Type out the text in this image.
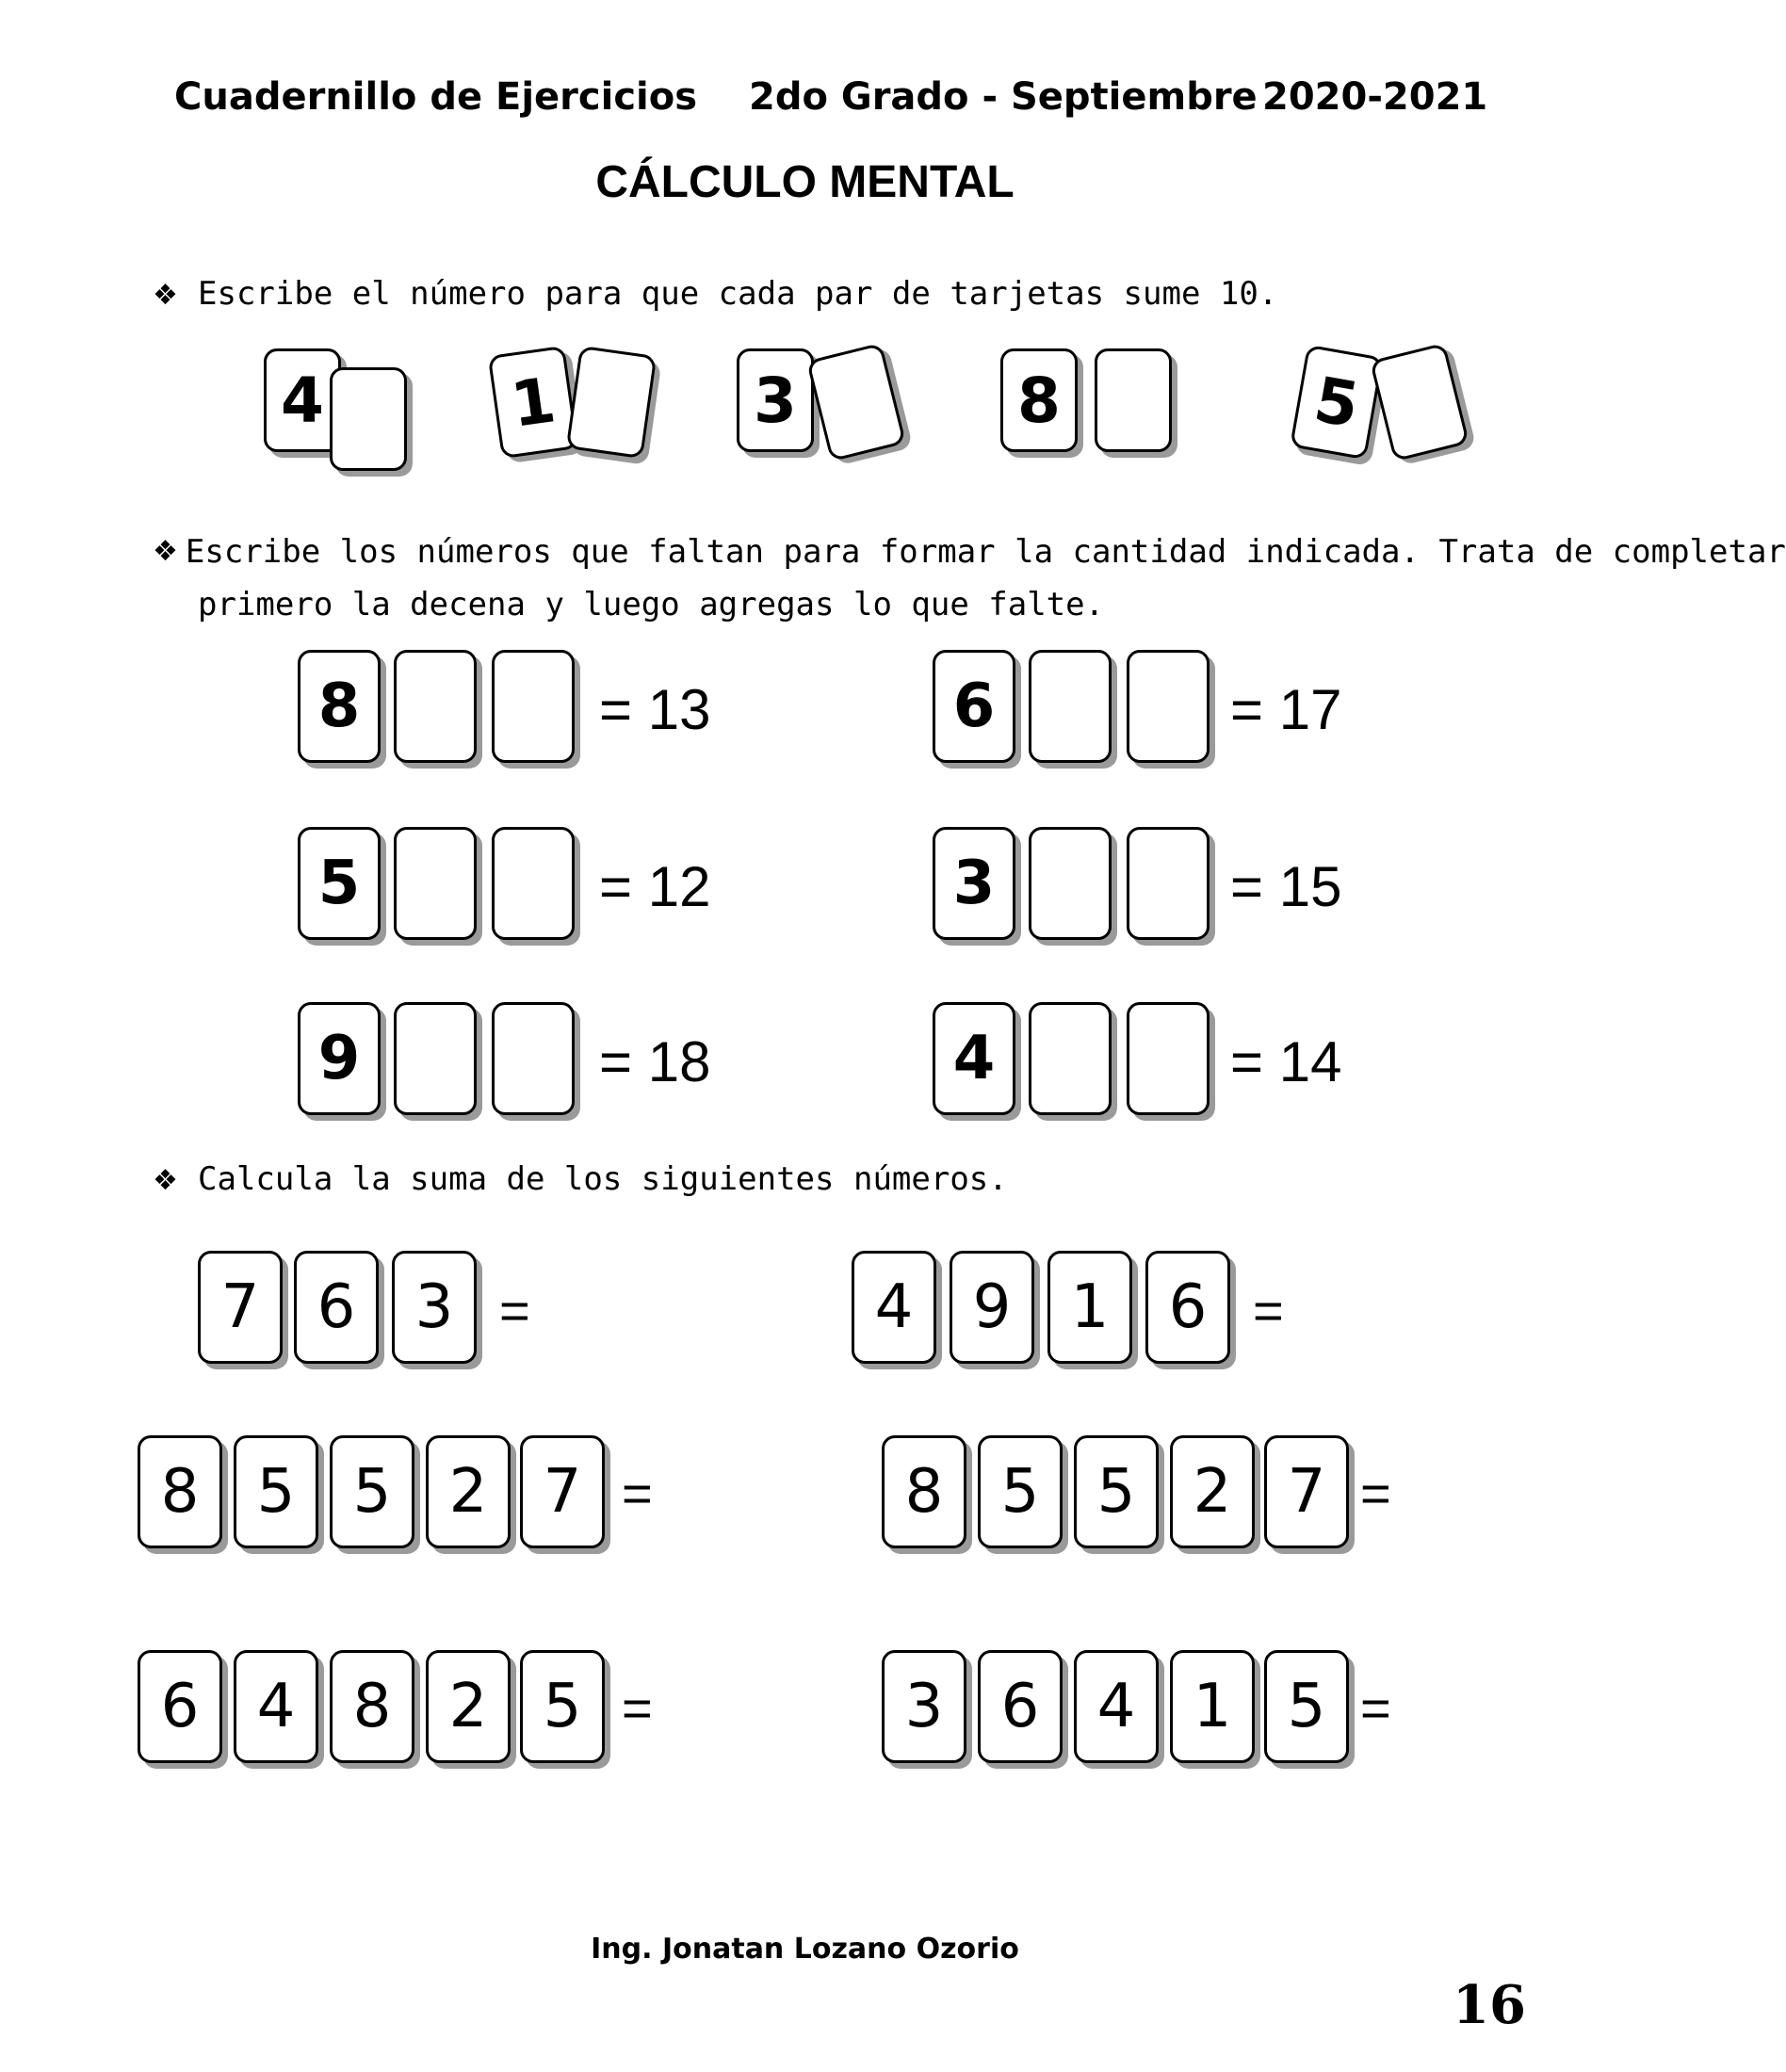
Cuadernillo de Ejercicios 2do Grado - Septiembre 2020-2021
CÁLCULO MENTAL
❖ Escribe el número para que cada par de tarjetas sume 10.
4	1	3	8	5
❖ Escribe los números que faltan para formar la cantidad indicada. Trata de completar
primero la decena y luego agregas lo que falte.
8	= 13
5	= 12
9	= 18
6	= 17
3	= 15
4	= 14
❖ Calcula la suma de los siguientes números.
7 6 3 =	4 9 1 6 =
8 5 5 2 7 =	8 5 5 2 7 =
6 4 8 2 5 =	3 6 4 1 5 =
Ing. Jonatan Lozano Ozorio
16
